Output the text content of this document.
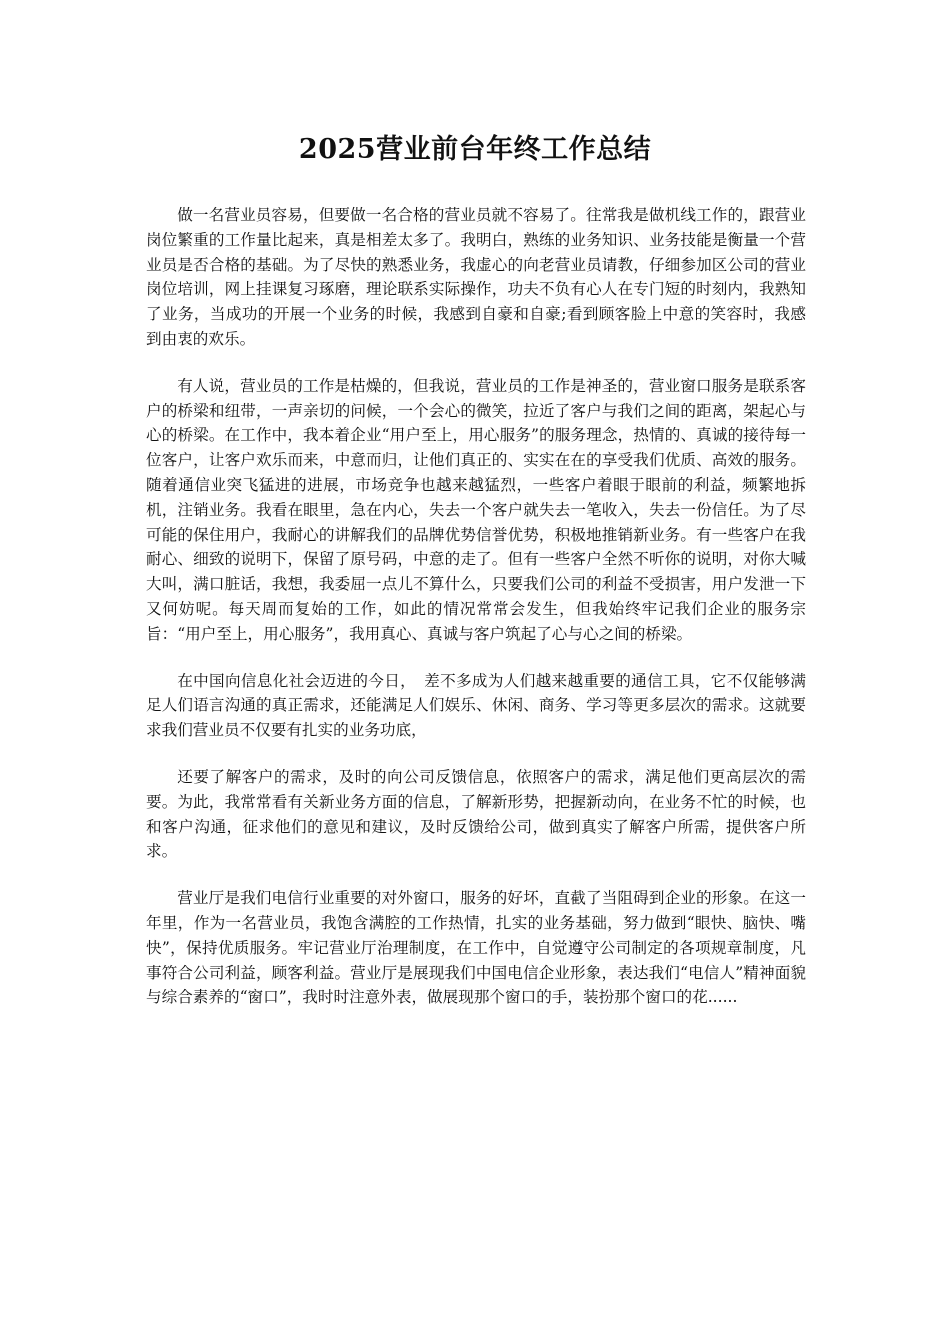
2025营业前台年终工作总结

做一名营业员容易，但要做一名合格的营业员就不容易了。往常我是做机线工作的，跟营业岗位繁重的工作量比起来，真是相差太多了。我明白，熟练的业务知识、业务技能是衡量一个营业员是否合格的基础。为了尽快的熟悉业务，我虚心的向老营业员请教，仔细参加区公司的营业岗位培训，网上挂课复习琢磨，理论联系实际操作，功夫不负有心人在专门短的时刻内，我熟知了业务，当成功的开展一个业务的时候，我感到自豪和自豪;看到顾客脸上中意的笑容时，我感到由衷的欢乐。

有人说，营业员的工作是枯燥的，但我说，营业员的工作是神圣的，营业窗口服务是联系客户的桥梁和纽带，一声亲切的问候，一个会心的微笑，拉近了客户与我们之间的距离，架起心与心的桥梁。在工作中，我本着企业“用户至上，用心服务”的服务理念，热情的、真诚的接待每一位客户，让客户欢乐而来，中意而归，让他们真正的、实实在在的享受我们优质、高效的服务。随着通信业突飞猛进的进展，市场竞争也越来越猛烈，一些客户着眼于眼前的利益，频繁地拆机，注销业务。我看在眼里，急在内心，失去一个客户就失去一笔收入，失去一份信任。为了尽可能的保住用户，我耐心的讲解我们的品牌优势信誉优势，积极地推销新业务。有一些客户在我耐心、细致的说明下，保留了原号码，中意的走了。但有一些客户全然不听你的说明，对你大喊大叫，满口脏话，我想，我委屈一点儿不算什么，只要我们公司的利益不受损害，用户发泄一下又何妨呢。每天周而复始的工作，如此的情况常常会发生，但我始终牢记我们企业的服务宗旨：“用户至上，用心服务”，我用真心、真诚与客户筑起了心与心之间的桥梁。

在中国向信息化社会迈进的今日，　差不多成为人们越来越重要的通信工具，它不仅能够满足人们语言沟通的真正需求，还能满足人们娱乐、休闲、商务、学习等更多层次的需求。这就要求我们营业员不仅要有扎实的业务功底，

还要了解客户的需求，及时的向公司反馈信息，依照客户的需求，满足他们更高层次的需要。为此，我常常看有关新业务方面的信息，了解新形势，把握新动向，在业务不忙的时候，也和客户沟通，征求他们的意见和建议，及时反馈给公司，做到真实了解客户所需，提供客户所求。

营业厅是我们电信行业重要的对外窗口，服务的好坏，直截了当阻碍到企业的形象。在这一年里，作为一名营业员，我饱含满腔的工作热情，扎实的业务基础，努力做到“眼快、脑快、嘴快”，保持优质服务。牢记营业厅治理制度，在工作中，自觉遵守公司制定的各项规章制度，凡事符合公司利益，顾客利益。营业厅是展现我们中国电信企业形象，表达我们“电信人”精神面貌与综合素养的“窗口”，我时时注意外表，做展现那个窗口的手，装扮那个窗口的花......
